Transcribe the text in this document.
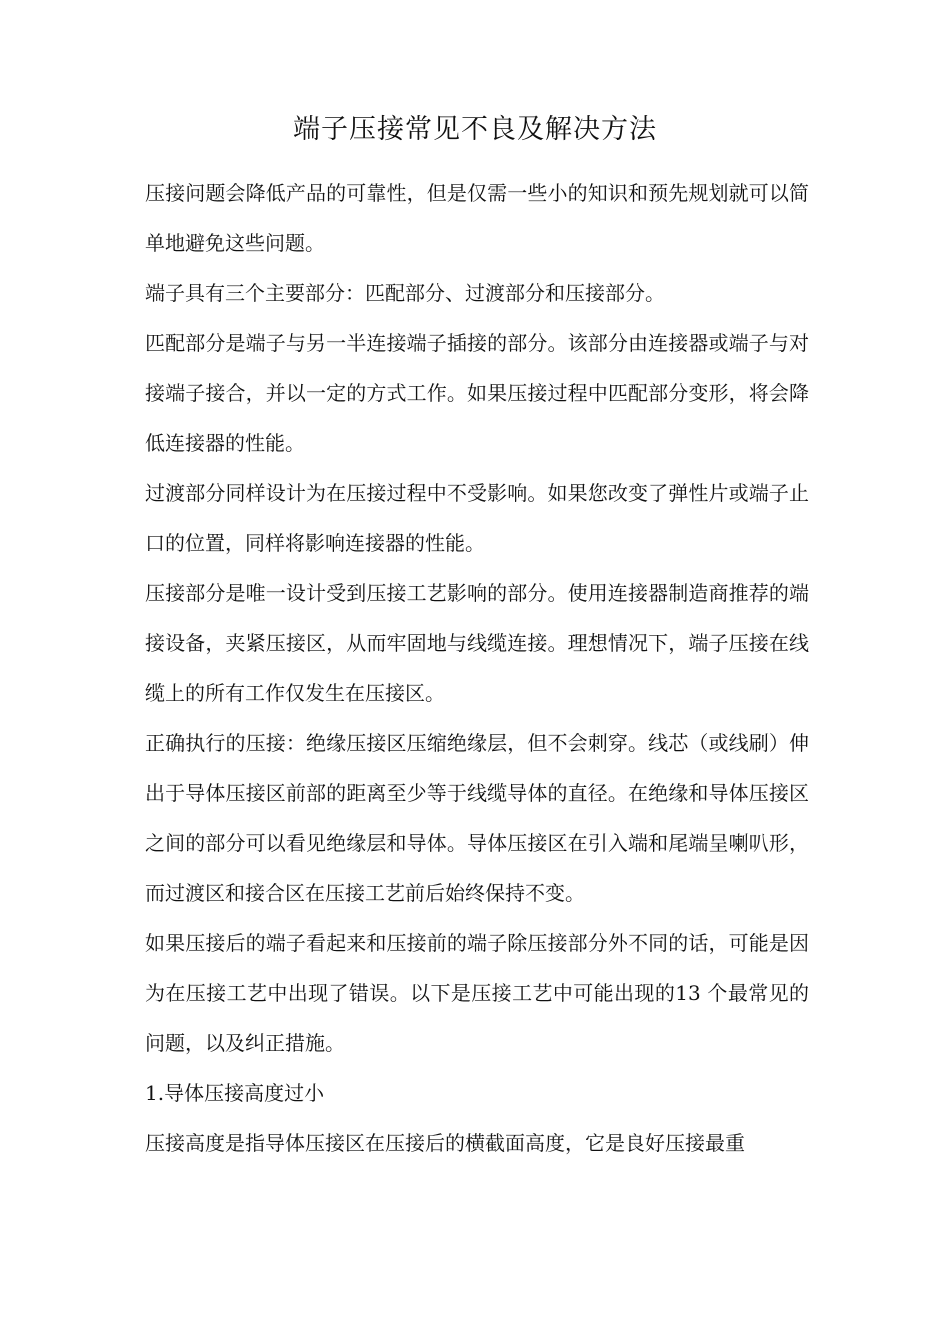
端子压接常见不良及解决方法

压接问题会降低产品的可靠性，但是仅需一些小的知识和预先规划就可以简单地避免这些问题。

端子具有三个主要部分：匹配部分、过渡部分和压接部分。

匹配部分是端子与另一半连接端子插接的部分。该部分由连接器或端子与对接端子接合，并以一定的方式工作。如果压接过程中匹配部分变形，将会降低连接器的性能。

过渡部分同样设计为在压接过程中不受影响。如果您改变了弹性片或端子止口的位置，同样将影响连接器的性能。

压接部分是唯一设计受到压接工艺影响的部分。使用连接器制造商推荐的端接设备，夹紧压接区，从而牢固地与线缆连接。理想情况下，端子压接在线缆上的所有工作仅发生在压接区。

正确执行的压接：绝缘压接区压缩绝缘层，但不会刺穿。线芯（或线刷）伸出于导体压接区前部的距离至少等于线缆导体的直径。在绝缘和导体压接区之间的部分可以看见绝缘层和导体。导体压接区在引入端和尾端呈喇叭形，而过渡区和接合区在压接工艺前后始终保持不变。

如果压接后的端子看起来和压接前的端子除压接部分外不同的话，可能是因为在压接工艺中出现了错误。以下是压接工艺中可能出现的13 个最常见的问题，以及纠正措施。

1.导体压接高度过小

压接高度是指导体压接区在压接后的横截面高度，它是良好压接最重
